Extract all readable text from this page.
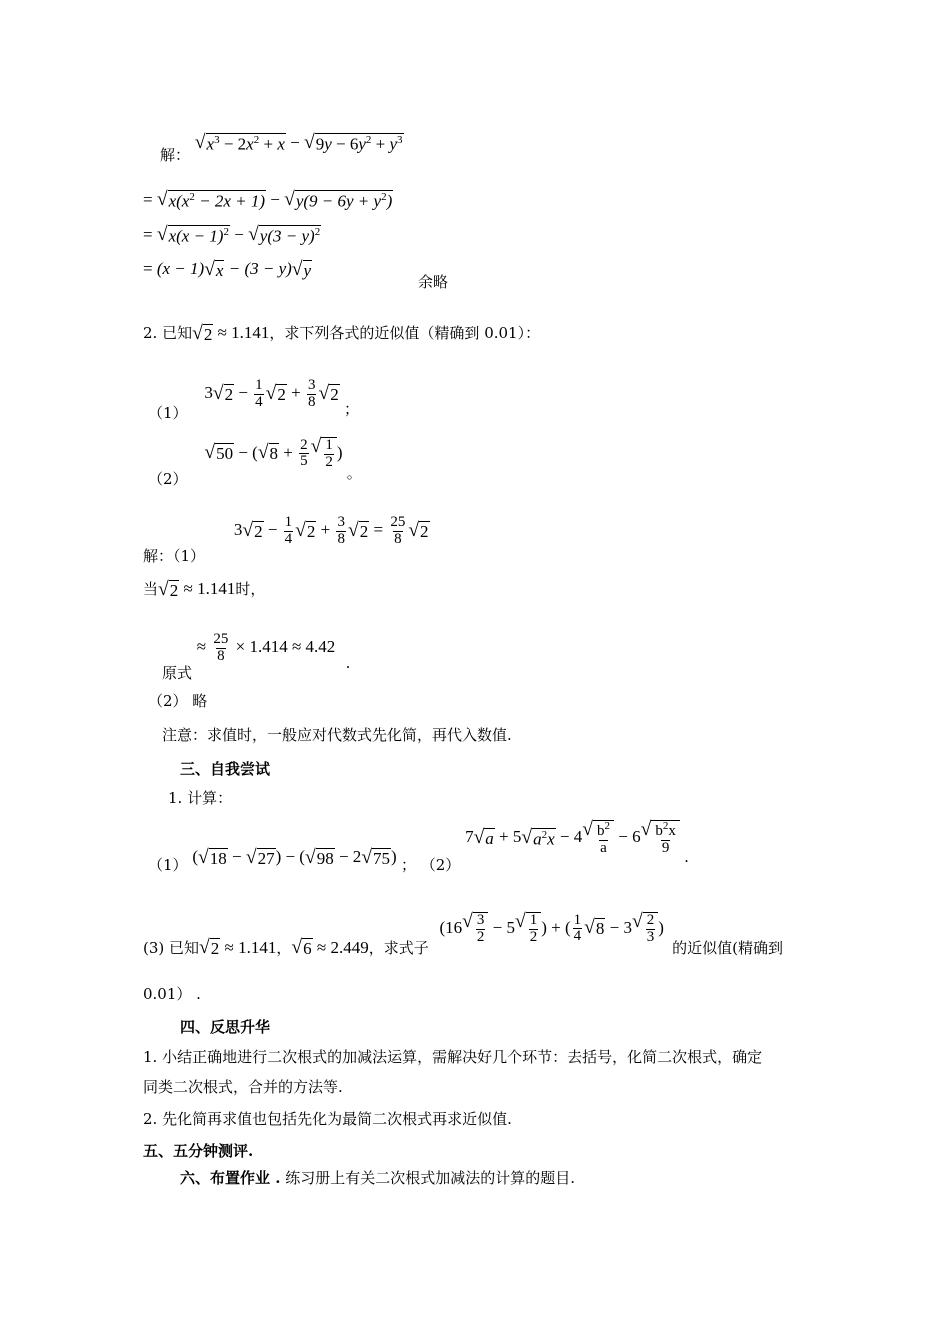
解：
√ $x^3 - 2x^2 + x$ − √ $9y - 6y^2 + y^3$
= √ $x(x^2 - 2x + 1)$ − √ $y(9 - 6y + y^2)$
= √ $x(x - 1)^2$ − √ $y(3 - y)^2$
= (x − 1) √ x − (3 − y) √ y
余略
2. 已知 √ 2 ≈ 1.141，求下列各式的近似值（精确到 0.01）：
（1） 3 √ $2 - \frac{1}{4}$ √ $2 + \frac{3}{8}$ √ 2
；
（2）
√ 50 − ( √ $8 + \frac{2}{5}$ √ $\frac{1}{2}$ ) 。
解：（1） 3 √ $2 - \frac{1}{4}$ √ $2 + \frac{3}{8}$ √ $2 = \frac{25}{8}$ √ 2
当 √ 2 ≈ 1.141时，
原式 ≈ $\frac{25}{8} \times 1.414 \approx 4.42$ .
（2） 略
注意：求值时，一般应对代数式先化简，再代入数值.
三、自我尝试
1. 计算：
（1） ( √ 18 − √ 27 ) − ( √ 98 − 2 √ 75 ) ； （2） 7 √ a + 5 √ $a^2x - 4$ √ $\frac{b^2}{a} - 6$ √ $\frac{b^2x}{9}$
.
(3) 已知 √ 2 ≈ 1.141， √ 6 ≈ 2.449，求式子 (16 √ $\frac{3}{2} - 5$ √ $\frac{1}{2}$ ) + ( $\frac{1}{4}$ √ 8 − 3 √ $\frac{2}{3}$ ) 的近似值(精确到
0.01） .
四、反思升华
1. 小结正确地进行二次根式的加减法运算，需解决好几个环节：去括号，化简二次根式，确定
同类二次根式，合并的方法等.
2. 先化简再求值也包括先化为最简二次根式再求近似值.
五、五分钟测评.
六、布置作业 . 练习册上有关二次根式加减法的计算的题目.
